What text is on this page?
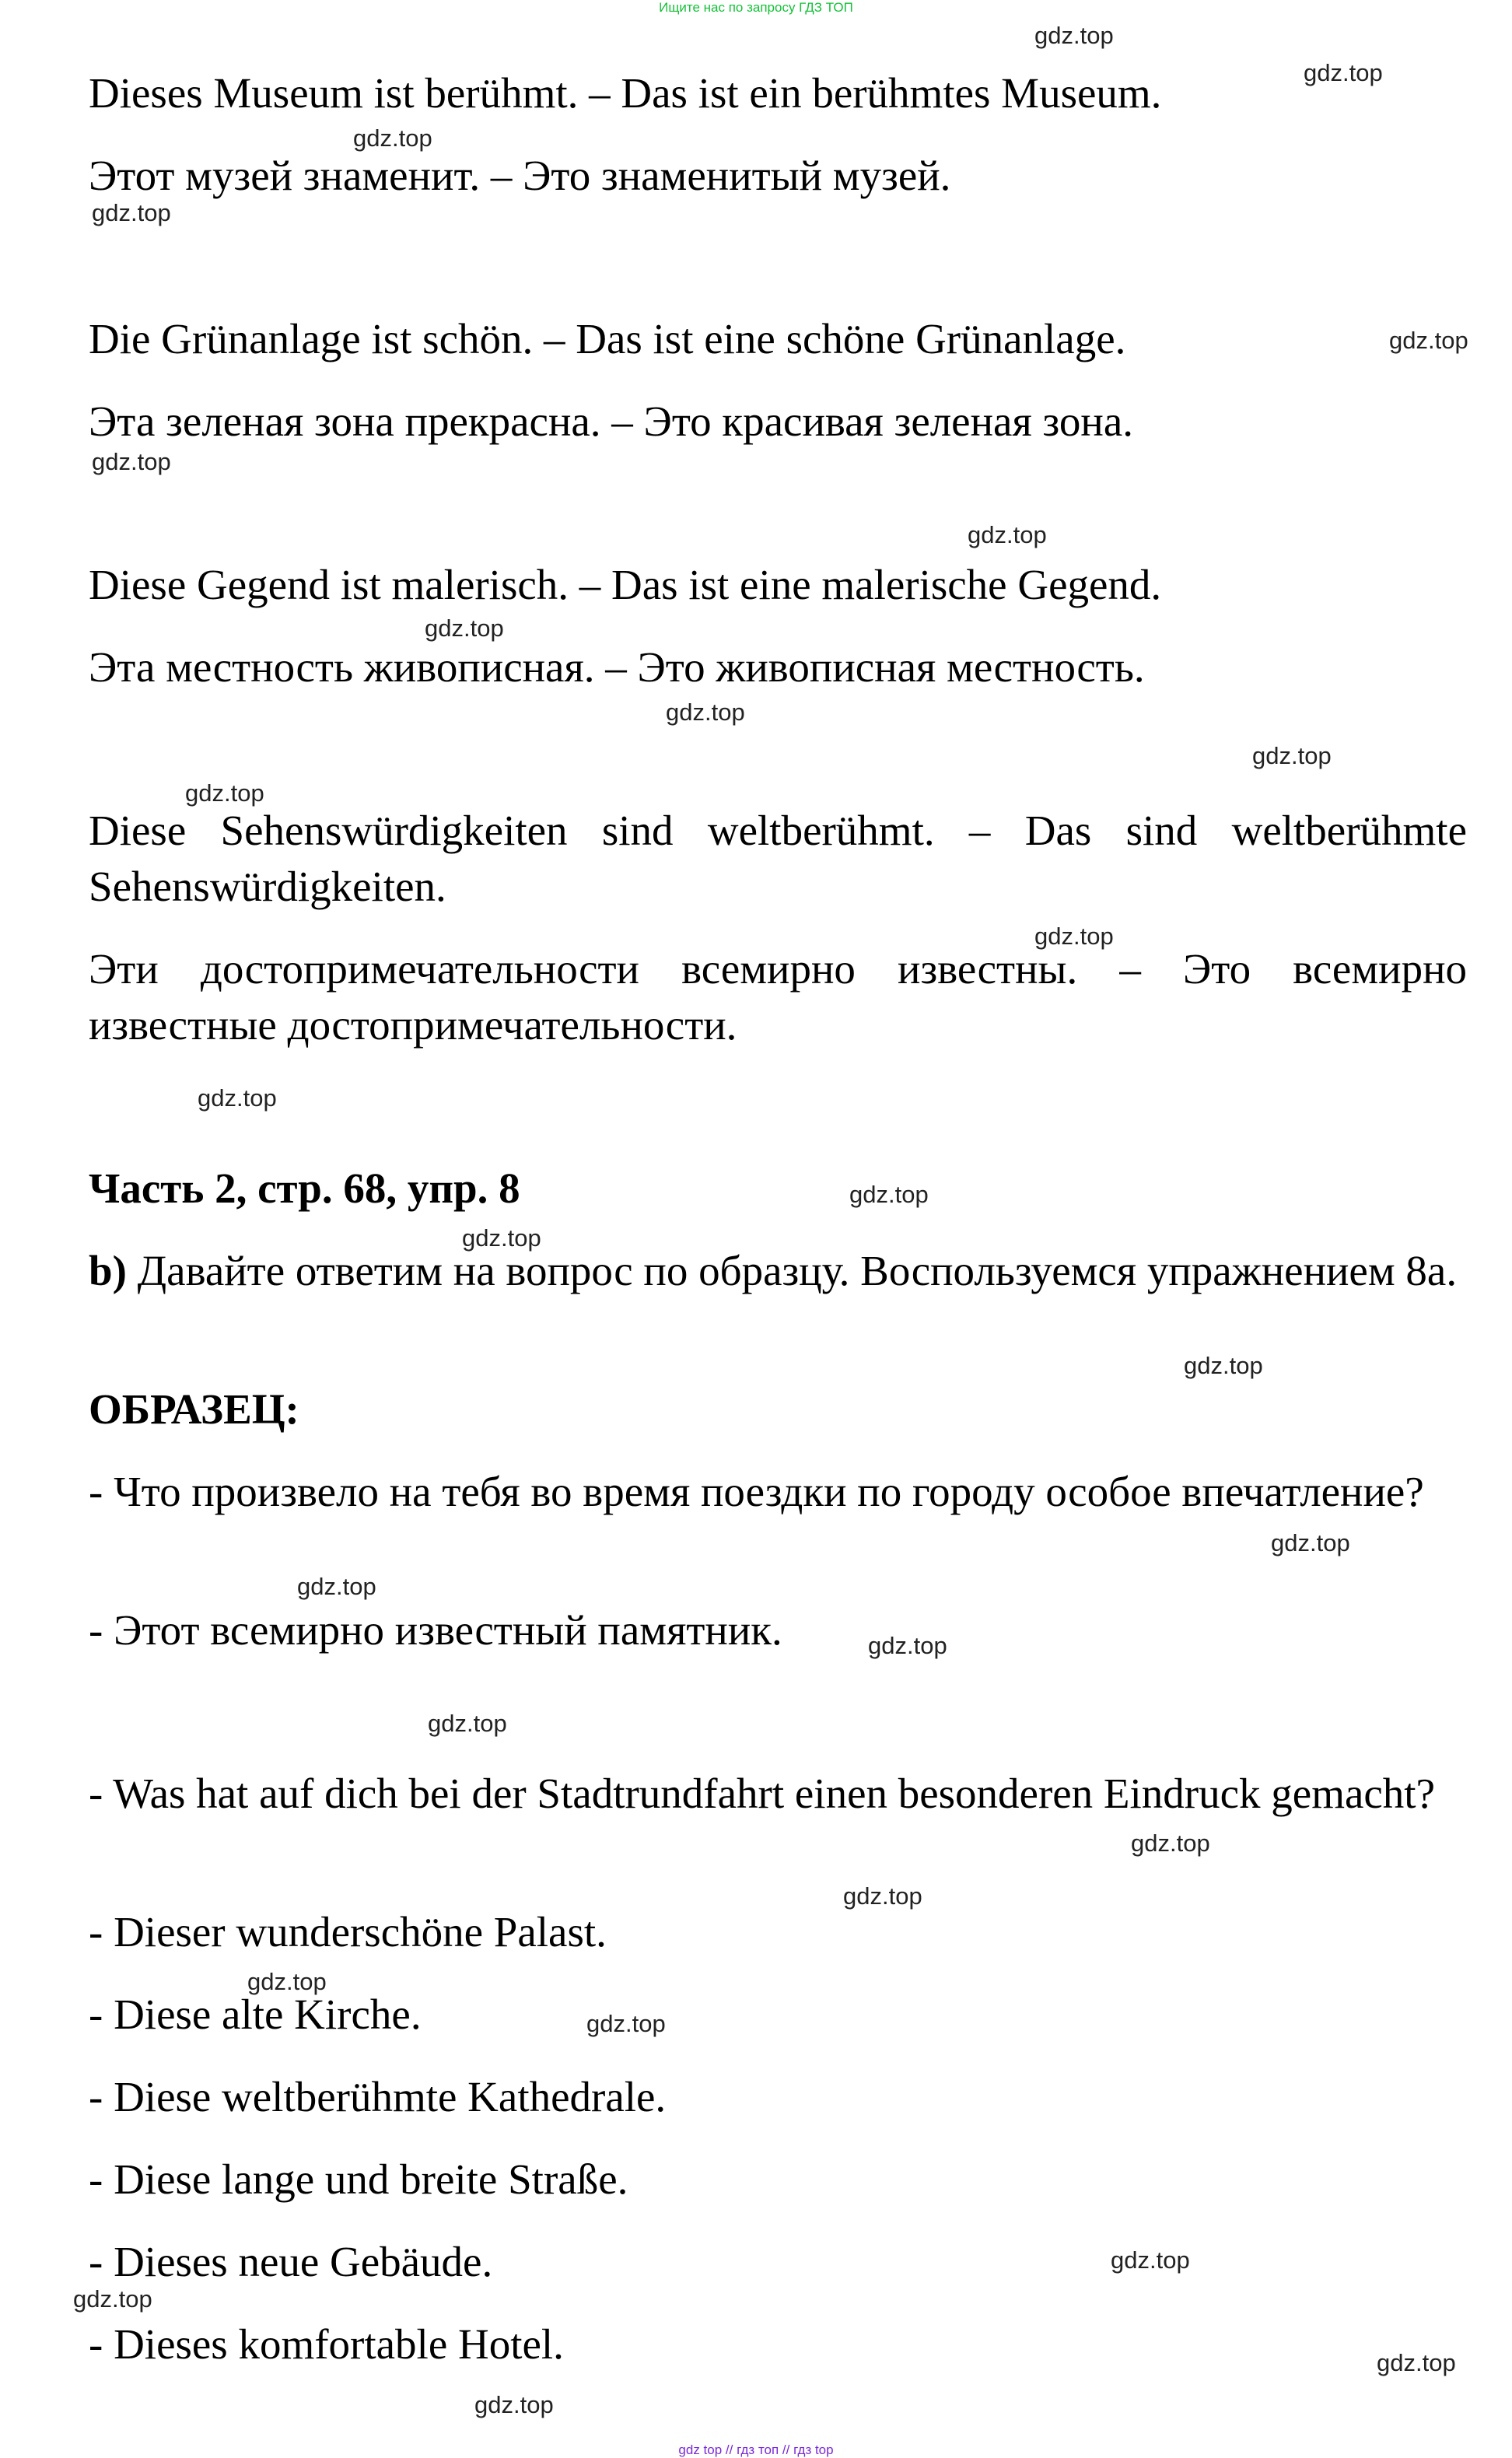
Ищите нас по запросу ГДЗ ТОП

Dieses Museum ist berühmt. – Das ist ein berühmtes Museum.

Этот музей знаменит. – Это знаменитый музей.

Die Grünanlage ist schön. – Das ist eine schöne Grünanlage.

Эта зеленая зона прекрасна. – Это красивая зеленая зона.

Diese Gegend ist malerisch. – Das ist eine malerische Gegend.

Эта местность живописная. – Это живописная местность.

Diese Sehenswürdigkeiten sind weltberühmt. – Das sind weltberühmte Sehenswürdigkeiten.

Эти достопримечательности всемирно известны. – Это всемирно известные достопримечательности.

Часть 2, стр. 68, упр. 8

b) Давайте ответим на вопрос по образцу. Воспользуемся упражнением 8а.

ОБРАЗЕЦ:

- Что произвело на тебя во время поездки по городу особое впечатление?

- Этот всемирно известный памятник.

- Was hat auf dich bei der Stadtrundfahrt einen besonderen Eindruck gemacht?

- Dieser wunderschöne Palast.

- Diese alte Kirche.

- Diese weltberühmte Kathedrale.

- Diese lange und breite Straße.

- Dieses neue Gebäude.

- Dieses komfortable Hotel.

gdz.top
gdz.top
gdz.top
gdz.top
gdz.top
gdz.top
gdz.top
gdz.top
gdz.top
gdz.top
gdz.top
gdz.top
gdz.top
gdz.top
gdz.top
gdz.top
gdz.top
gdz.top
gdz.top
gdz.top
gdz.top
gdz.top
gdz.top
gdz.top
gdz.top
gdz.top
gdz.top
gdz.top
gdz top // гдз топ // гдз top
